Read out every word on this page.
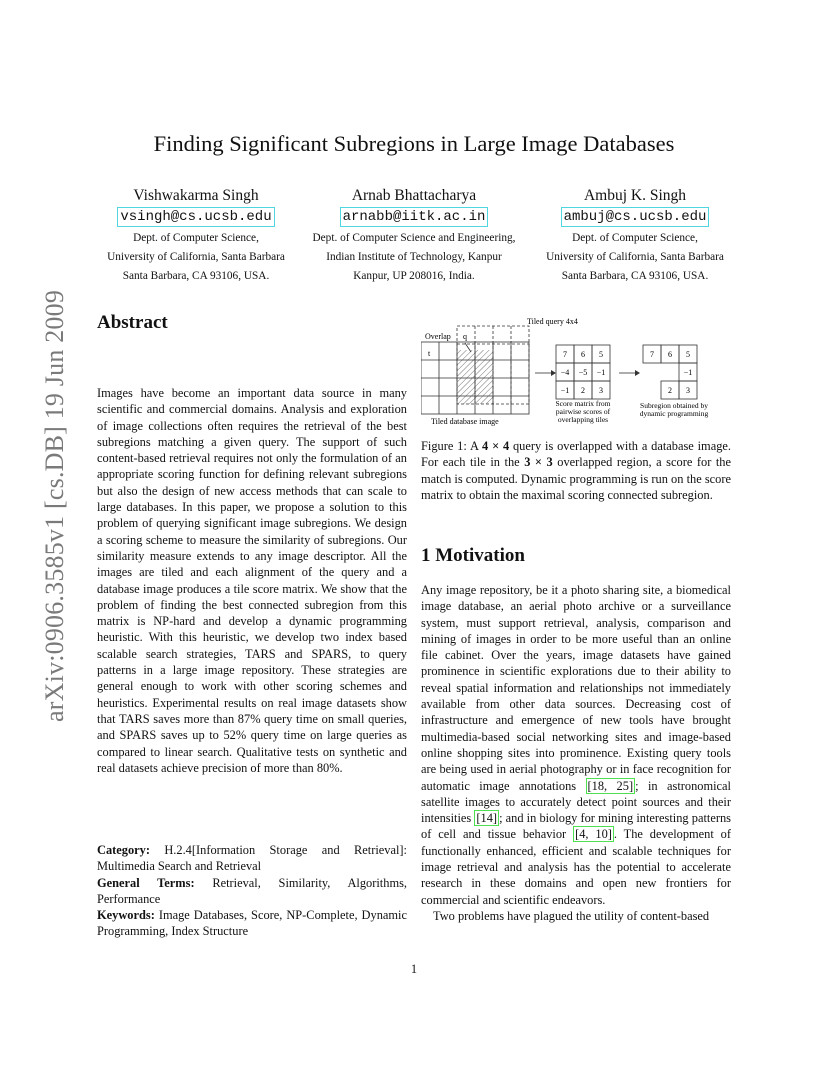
Finding Significant Subregions in Large Image Databases
Vishwakarma Singh
vsingh@cs.ucsb.edu
Dept. of Computer Science,
University of California, Santa Barbara
Santa Barbara, CA 93106, USA.
Arnab Bhattacharya
arnabb@iitk.ac.in
Dept. of Computer Science and Engineering,
Indian Institute of Technology, Kanpur
Kanpur, UP 208016, India.
Ambuj K. Singh
ambuj@cs.ucsb.edu
Dept. of Computer Science,
University of California, Santa Barbara
Santa Barbara, CA 93106, USA.
arXiv:0906.3585v1 [cs.DB] 19 Jun 2009 Abstract

Images have become an important data source in many scientific and commercial domains. Analysis and exploration of image collections often requires the retrieval of the best subregions matching a given query. The support of such content-based retrieval requires not only the formulation of an appropriate scoring function for defining relevant subregions but also the design of new access methods that can scale to large databases. In this paper, we propose a solution to this problem of querying significant image subregions. We design a scoring scheme to measure the similarity of subregions. Our similarity measure extends to any image descriptor. All the images are tiled and each alignment of the query and a database image produces a tile score matrix. We show that the problem of finding the best connected subregion from this matrix is NP-hard and develop a dynamic programming heuristic. With this heuristic, we develop two index based scalable search strategies, TARS and SPARS, to query patterns in a large image repository. These strategies are general enough to work with other scoring schemes and heuristics. Experimental results on real image datasets show that TARS saves more than 87% query time on small queries, and SPARS saves up to 52% query time on large queries as compared to linear search. Qualitative tests on synthetic and real datasets achieve precision of more than 80%.

Category: H.2.4[Information Storage and Retrieval]: Multimedia Search and Retrieval
General Terms: Retrieval, Similarity, Algorithms, Performance
Keywords: Image Databases, Score, NP-Complete, Dynamic Programming, Index Structure
Tiled query 4x4
Overlap q
t
Tiled database image
7 6 5
−4 −5 −1
−1 2 3
Score matrix from
pairwise scores of
overlapping tiles
7 6 5
−1
2 3
Subregion obtained by
dynamic programming
Figure 1: A 4 × 4 query is overlapped with a database image. For each tile in the 3 × 3 overlapped region, a score for the match is computed. Dynamic programming is run on the score matrix to obtain the maximal scoring connected subregion.
1 Motivation

Any image repository, be it a photo sharing site, a biomedical image database, an aerial photo archive or a surveillance system, must support retrieval, analysis, comparison and mining of images in order to be more useful than an online file cabinet. Over the years, image datasets have gained prominence in scientific explorations due to their ability to reveal spatial information and relationships not immediately available from other data sources. Decreasing cost of infrastructure and emergence of new tools have brought multimedia-based social networking sites and image-based online shopping sites into prominence. Existing query tools are being used in aerial photography or in face recognition for automatic image annotations [18, 25] ; in astronomical satellite images to accurately detect point sources and their intensities [14] ; and in biology for mining interesting patterns of cell and tissue behavior [4, 10] . The development of functionally enhanced, efficient and scalable techniques for image retrieval and analysis has the potential to accelerate research in these domains and open new frontiers for commercial and scientific endeavors.

Two problems have plagued the utility of content-based

1
